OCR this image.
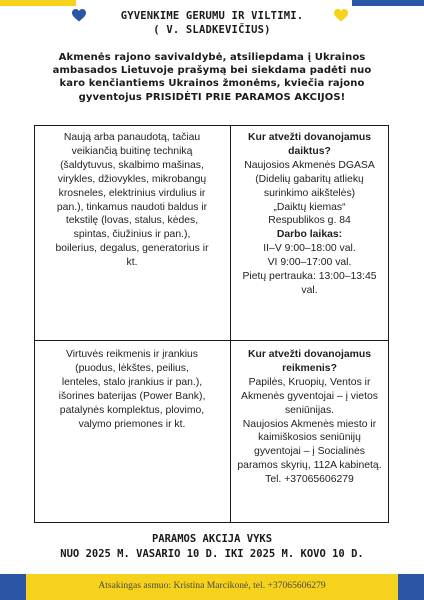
GYVENKIME GERUMU IR VILTIMI.
( V. SLADKEVIČIUS)
Akmenės rajono savivaldybė, atsiliepdama į Ukrainos
ambasados Lietuvoje prašymą bei siekdama padėti nuo
karo kenčiantiems Ukrainos žmonėms, kviečia rajono
gyventojus PRISIDĖTI PRIE PARAMOS AKCIJOS!
Naują arba panaudotą, tačiau
veikiančią buitinę techniką
(šaldytuvus, skalbimo mašinas,
virykles, džiovykles, mikrobangų
krosneles, elektrinius virdulius ir
pan.), tinkamus naudoti baldus ir
tekstilę (lovas, stalus, kėdes,
spintas, čiužinius ir pan.),
boilerius, degalus, generatorius ir
kt.
Kur atvežti dovanojamus
daiktus?
Naujosios Akmenės DGASA
(Didelių gabaritų atliekų
surinkimo aikštelės)
„Daiktų kiemas“
Respublikos g. 84
Darbo laikas:
II–V 9:00–18:00 val.
VI 9:00–17:00 val.
Pietų pertrauka: 13:00–13:45
val.
Virtuvės reikmenis ir įrankius
(puodus, lėkštes, peilius,
lenteles, stalo įrankius ir pan.),
išorines baterijas (Power Bank),
patalynės komplektus, plovimo,
valymo priemones ir kt.
Kur atvežti dovanojamus
reikmenis?
Papilės, Kruopių, Ventos ir
Akmenės gyventojai – į vietos
seniūnijas.
Naujosios Akmenės miesto ir
kaimiškosios seniūnijų
gyventojai – į Socialinės
paramos skyrių, 112A kabinetą.
Tel. +37065606279
PARAMOS AKCIJA VYKS
NUO 2025 M. VASARIO 10 D. IKI 2025 M. KOVO 10 D.
Atsakingas asmuo: Kristina Marcikonė, tel. +37065606279
